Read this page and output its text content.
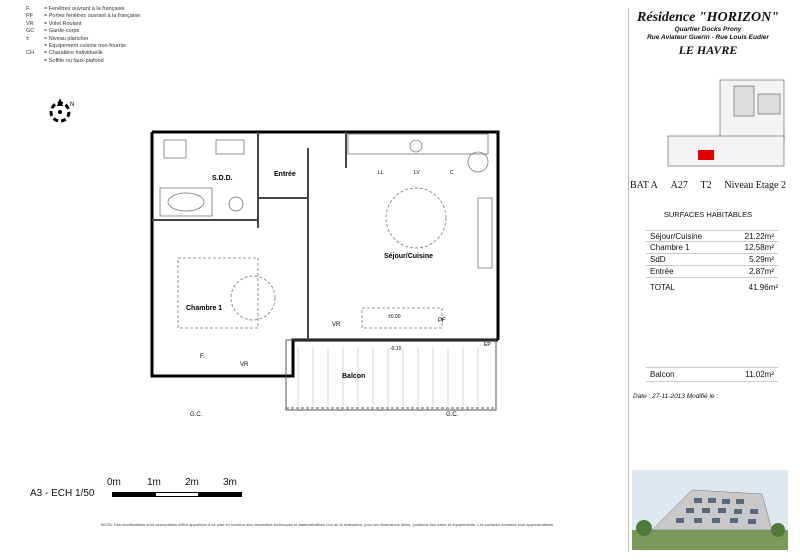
F.	= Fenêtres ouvrant à la française
PF	= Portes fenêtres ouvrant à la française.
VR	= Volet Roulant
GC	= Garde-corps
±	= Niveau plancher
= Equipement cuisine non-fournis
CH	= Chaudière individuelle
= Soffite ou faux-plafond
N
S.D.D.
Entrée
Séjour/Cuisine
Chambre 1
Balcon
VR
VR
PF
F.
LV
LL	C
EP
G.C.	G.C.
±0.00
-0.10
Résidence "HORIZON"
Quartier Docks Prony
Rue Aviateur Guerin - Rue Louis Eudier
LE HAVRE
BAT A A27 T2 Niveau Etage 2
SURFACES HABITABLES
Séjour/Cuisine	21.22m²
Chambre 1	12.58m²
SdD	5.29m²
Entrée	2.87m²
TOTAL	41.96m²
Balcon	11.02m²
Date : 27-11-2013 Modifié le :
0m	1m 2m 3m
A3 - ECH 1/50
NOTA: Des modifications sont susceptibles d'être apportées à ce plan en fonction des nécessités techniques et administratives lors de la réalisation, pour les dimensions libres, positions des baies et équipements. Les surfaces données sont approximatives.
